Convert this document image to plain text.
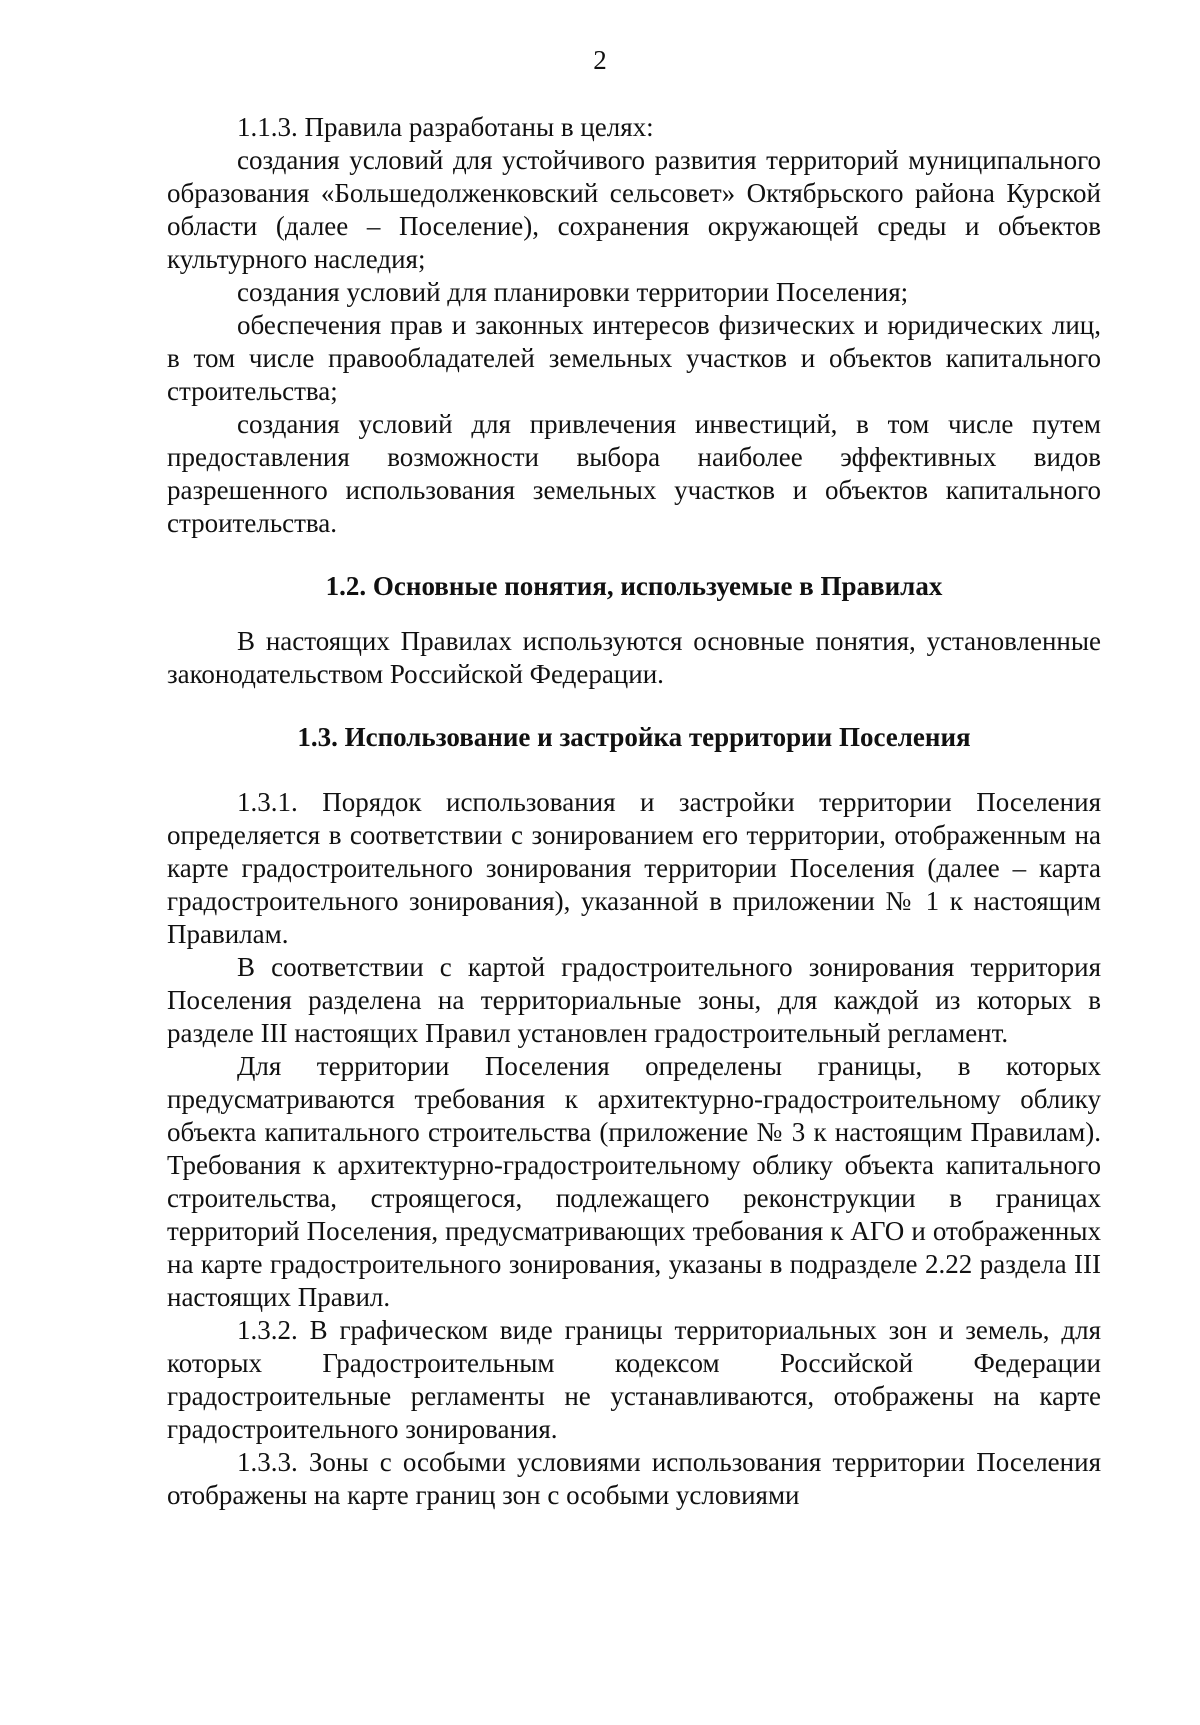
2

1.1.3. Правила разработаны в целях:

создания условий для устойчивого развития территорий муниципального образования «Большедолженковский сельсовет» Октябрьского района Курской области (далее – Поселение), сохранения окружающей среды и объектов культурного наследия;

создания условий для планировки территории Поселения;

обеспечения прав и законных интересов физических и юридических лиц, в том числе правообладателей земельных участков и объектов капитального строительства;

создания условий для привлечения инвестиций, в том числе путем предоставления возможности выбора наиболее эффективных видов разрешенного использования земельных участков и объектов капитального строительства.

1.2. Основные понятия, используемые в Правилах

В настоящих Правилах используются основные понятия, установленные законодательством Российской Федерации.

1.3. Использование и застройка территории Поселения

1.3.1. Порядок использования и застройки территории Поселения определяется в соответствии с зонированием его территории, отображенным на карте градостроительного зонирования территории Поселения (далее – карта градостроительного зонирования), указанной в приложении № 1 к настоящим Правилам.

В соответствии с картой градостроительного зонирования территория Поселения разделена на территориальные зоны, для каждой из которых в разделе III настоящих Правил установлен градостроительный регламент.

Для территории Поселения определены границы, в которых предусматриваются требования к архитектурно-градостроительному облику объекта капитального строительства (приложение № 3 к настоящим Правилам). Требования к архитектурно-градостроительному облику объекта капитального строительства, строящегося, подлежащего реконструкции в границах территорий Поселения, предусматривающих требования к АГО и отображенных на карте градостроительного зонирования, указаны в подразделе 2.22 раздела III настоящих Правил.

1.3.2. В графическом виде границы территориальных зон и земель, для которых Градостроительным кодексом Российской Федерации градостроительные регламенты не устанавливаются, отображены на карте градостроительного зонирования.

1.3.3. Зоны с особыми условиями использования территории Поселения отображены на карте границ зон с особыми условиями
